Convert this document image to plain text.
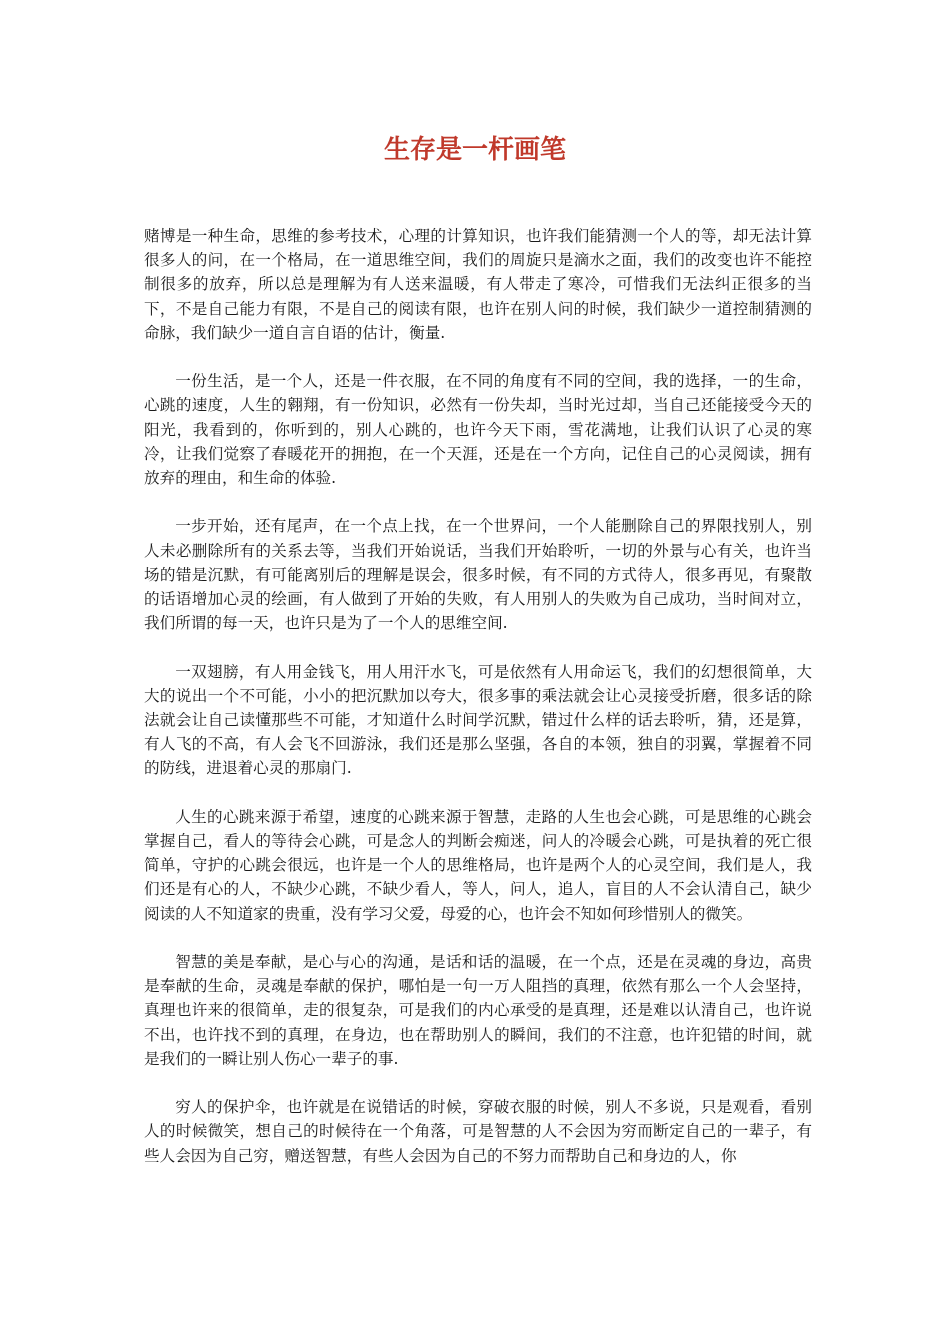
生存是一杆画笔

赌博是一种生命，思维的参考技术，心理的计算知识，也许我们能猜测一个人的等，却无法计算很多人的问，在一个格局，在一道思维空间，我们的周旋只是滴水之面，我们的改变也许不能控制很多的放弃，所以总是理解为有人送来温暖，有人带走了寒冷，可惜我们无法纠正很多的当下，不是自己能力有限，不是自己的阅读有限，也许在别人问的时候，我们缺少一道控制猜测的命脉，我们缺少一道自言自语的估计，衡量.

一份生活，是一个人，还是一件衣服，在不同的角度有不同的空间，我的选择，一的生命，心跳的速度，人生的翱翔，有一份知识，必然有一份失却，当时光过却，当自己还能接受今天的阳光，我看到的，你听到的，别人心跳的，也许今天下雨，雪花满地，让我们认识了心灵的寒冷，让我们觉察了春暖花开的拥抱，在一个天涯，还是在一个方向，记住自己的心灵阅读，拥有放弃的理由，和生命的体验.

一步开始，还有尾声，在一个点上找，在一个世界问，一个人能删除自己的界限找别人，别人未必删除所有的关系去等，当我们开始说话，当我们开始聆听，一切的外景与心有关，也许当场的错是沉默，有可能离别后的理解是误会，很多时候，有不同的方式待人，很多再见，有聚散的话语增加心灵的绘画，有人做到了开始的失败，有人用别人的失败为自己成功，当时间对立，我们所谓的每一天，也许只是为了一个人的思维空间.

一双翅膀，有人用金钱飞，用人用汗水飞，可是依然有人用命运飞，我们的幻想很简单，大大的说出一个不可能，小小的把沉默加以夸大，很多事的乘法就会让心灵接受折磨，很多话的除法就会让自己读懂那些不可能，才知道什么时间学沉默，错过什么样的话去聆听，猜，还是算，有人飞的不高，有人会飞不回游泳，我们还是那么坚强，各自的本领，独自的羽翼，掌握着不同的防线，进退着心灵的那扇门.

人生的心跳来源于希望，速度的心跳来源于智慧，走路的人生也会心跳，可是思维的心跳会掌握自己，看人的等待会心跳，可是念人的判断会痴迷，问人的冷暖会心跳，可是执着的死亡很简单，守护的心跳会很远，也许是一个人的思维格局，也许是两个人的心灵空间，我们是人，我们还是有心的人，不缺少心跳，不缺少看人，等人，问人，追人，盲目的人不会认清自己，缺少阅读的人不知道家的贵重，没有学习父爱，母爱的心，也许会不知如何珍惜别人的微笑。

智慧的美是奉献，是心与心的沟通，是话和话的温暖，在一个点，还是在灵魂的身边，高贵是奉献的生命，灵魂是奉献的保护，哪怕是一句一万人阻挡的真理，依然有那么一个人会坚持，真理也许来的很简单，走的很复杂，可是我们的内心承受的是真理，还是难以认清自己，也许说不出，也许找不到的真理，在身边，也在帮助别人的瞬间，我们的不注意，也许犯错的时间，就是我们的一瞬让别人伤心一辈子的事.

穷人的保护伞，也许就是在说错话的时候，穿破衣服的时候，别人不多说，只是观看，看别人的时候微笑，想自己的时候待在一个角落，可是智慧的人不会因为穷而断定自己的一辈子，有些人会因为自己穷，赠送智慧，有些人会因为自己的不努力而帮助自己和身边的人，你
